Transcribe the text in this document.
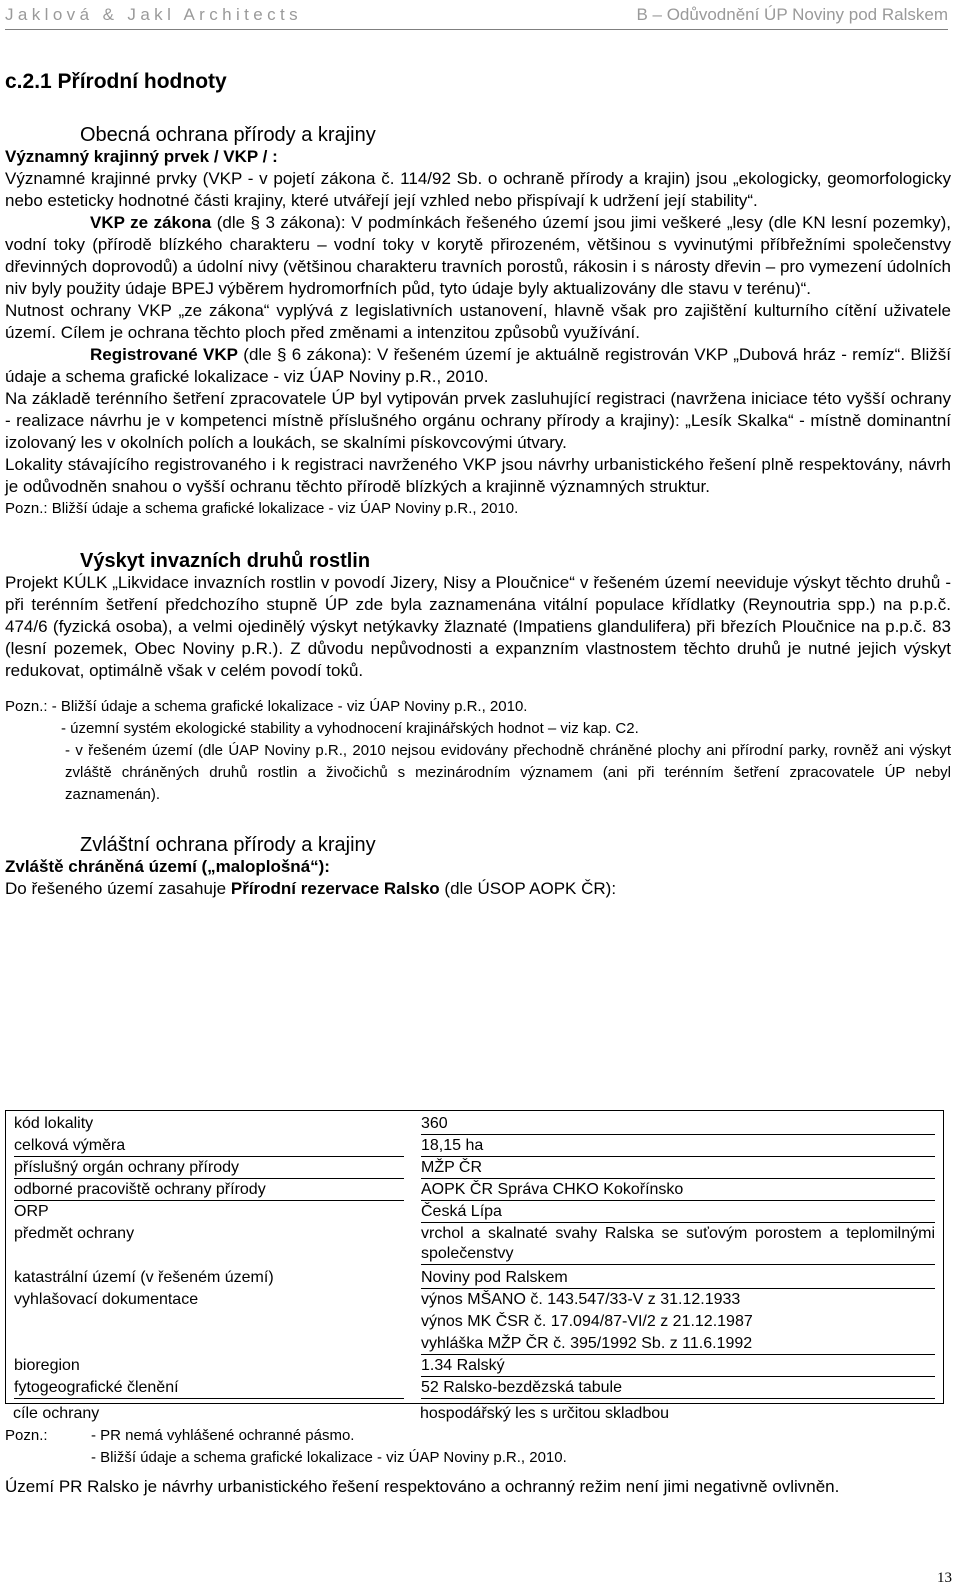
Jaklová & Jakl Architects	B – Odůvodnění ÚP Noviny pod Ralskem
c.2.1 Přírodní hodnoty
Obecná ochrana přírody a krajiny
Významný krajinný prvek / VKP / :

Významné krajinné prvky (VKP - v pojetí zákona č. 114/92 Sb. o ochraně přírody a krajin) jsou „ekologicky, geomorfologicky nebo esteticky hodnotné části krajiny, které utvářejí její vzhled nebo přispívají k udržení její stability“.

VKP ze zákona (dle § 3 zákona): V podmínkách řešeného území jsou jimi veškeré „lesy (dle KN lesní pozemky), vodní toky (přírodě blízkého charakteru – vodní toky v korytě přirozeném, většinou s vyvinutými příbřežními společenstvy dřevinných doprovodů) a údolní nivy (většinou charakteru travních porostů, rákosin i s nárosty dřevin – pro vymezení údolních niv byly použity údaje BPEJ výběrem hydromorfních půd, tyto údaje byly aktualizovány dle stavu v terénu)“.

Nutnost ochrany VKP „ze zákona“ vyplývá z legislativních ustanovení, hlavně však pro zajištění kulturního cítění uživatele území. Cílem je ochrana těchto ploch před změnami a intenzitou způsobů využívání.

Registrované VKP (dle § 6 zákona): V řešeném území je aktuálně registrován VKP „Dubová hráz - remíz“. Bližší údaje a schema grafické lokalizace - viz ÚAP Noviny p.R., 2010.

Na základě terénního šetření zpracovatele ÚP byl vytipován prvek zasluhující registraci (navržena iniciace této vyšší ochrany - realizace návrhu je v kompetenci místně příslušného orgánu ochrany přírody a krajiny): „Lesík Skalka“ - místně dominantní izolovaný les v okolních polích a loukách, se skalními pískovcovými útvary.

Lokality stávajícího registrovaného i k registraci navrženého VKP jsou návrhy urbanistického řešení plně respektovány, návrh je odůvodněn snahou o vyšší ochranu těchto přírodě blízkých a krajinně významných struktur.

Pozn.: Bližší údaje a schema grafické lokalizace - viz ÚAP Noviny p.R., 2010.

Výskyt invazních druhů rostlin

Projekt KÚLK „Likvidace invazních rostlin v povodí Jizery, Nisy a Ploučnice“ v řešeném území neeviduje výskyt těchto druhů - při terénním šetření předchozího stupně ÚP zde byla zaznamenána vitální populace křídlatky (Reynoutria spp.) na p.p.č. 474/6 (fyzická osoba), a velmi ojedinělý výskyt netýkavky žlaznaté (Impatiens glandulifera) při březích Ploučnice na p.p.č. 83 (lesní pozemek, Obec Noviny p.R.). Z důvodu nepůvodnosti a expanzním vlastnostem těchto druhů je nutné jejich výskyt redukovat, optimálně však v celém povodí toků.

Pozn.: - Bližší údaje a schema grafické lokalizace - viz ÚAP Noviny p.R., 2010.

- územní systém ekologické stability a vyhodnocení krajinářských hodnot – viz kap. C2.

- v řešeném území (dle ÚAP Noviny p.R., 2010 nejsou evidovány přechodně chráněné plochy ani přírodní parky, rovněž ani výskyt zvláště chráněných druhů rostlin a živočichů s mezinárodním významem (ani při terénním šetření zpracovatele ÚP nebyl zaznamenán).

Zvláštní ochrana přírody a krajiny
Zvláště chráněná území („maloplošná“):

Do řešeného území zasahuje Přírodní rezervace Ralsko (dle ÚSOP AOPK ČR):

kód lokality	360
celková výměra	18,15 ha
příslušný orgán ochrany přírody	MŽP ČR
odborné pracoviště ochrany přírody	AOPK ČR Správa CHKO Kokořínsko
ORP	Česká Lípa
předmět ochrany	vrchol a skalnaté svahy Ralska se suťovým porostem a teplomilnými společenstvy
katastrální území (v řešeném území)	Noviny pod Ralskem
vyhlašovací dokumentace	výnos MŠANO č. 143.547/33-V z 31.12.1933
výnos MK ČSR č. 17.094/87-VI/2 z 21.12.1987
vyhláška MŽP ČR č. 395/1992 Sb. z 11.6.1992
bioregion	1.34 Ralský
fytogeografické členění	52 Ralsko-bezdězská tabule
cíle ochrany	hospodářský les s určitou skladbou
Pozn.:	- PR nemá vyhlášené ochranné pásmo.
- Bližší údaje a schema grafické lokalizace - viz ÚAP Noviny p.R., 2010.

Území PR Ralsko je návrhy urbanistického řešení respektováno a ochranný režim není jimi negativně ovlivněn.

13
